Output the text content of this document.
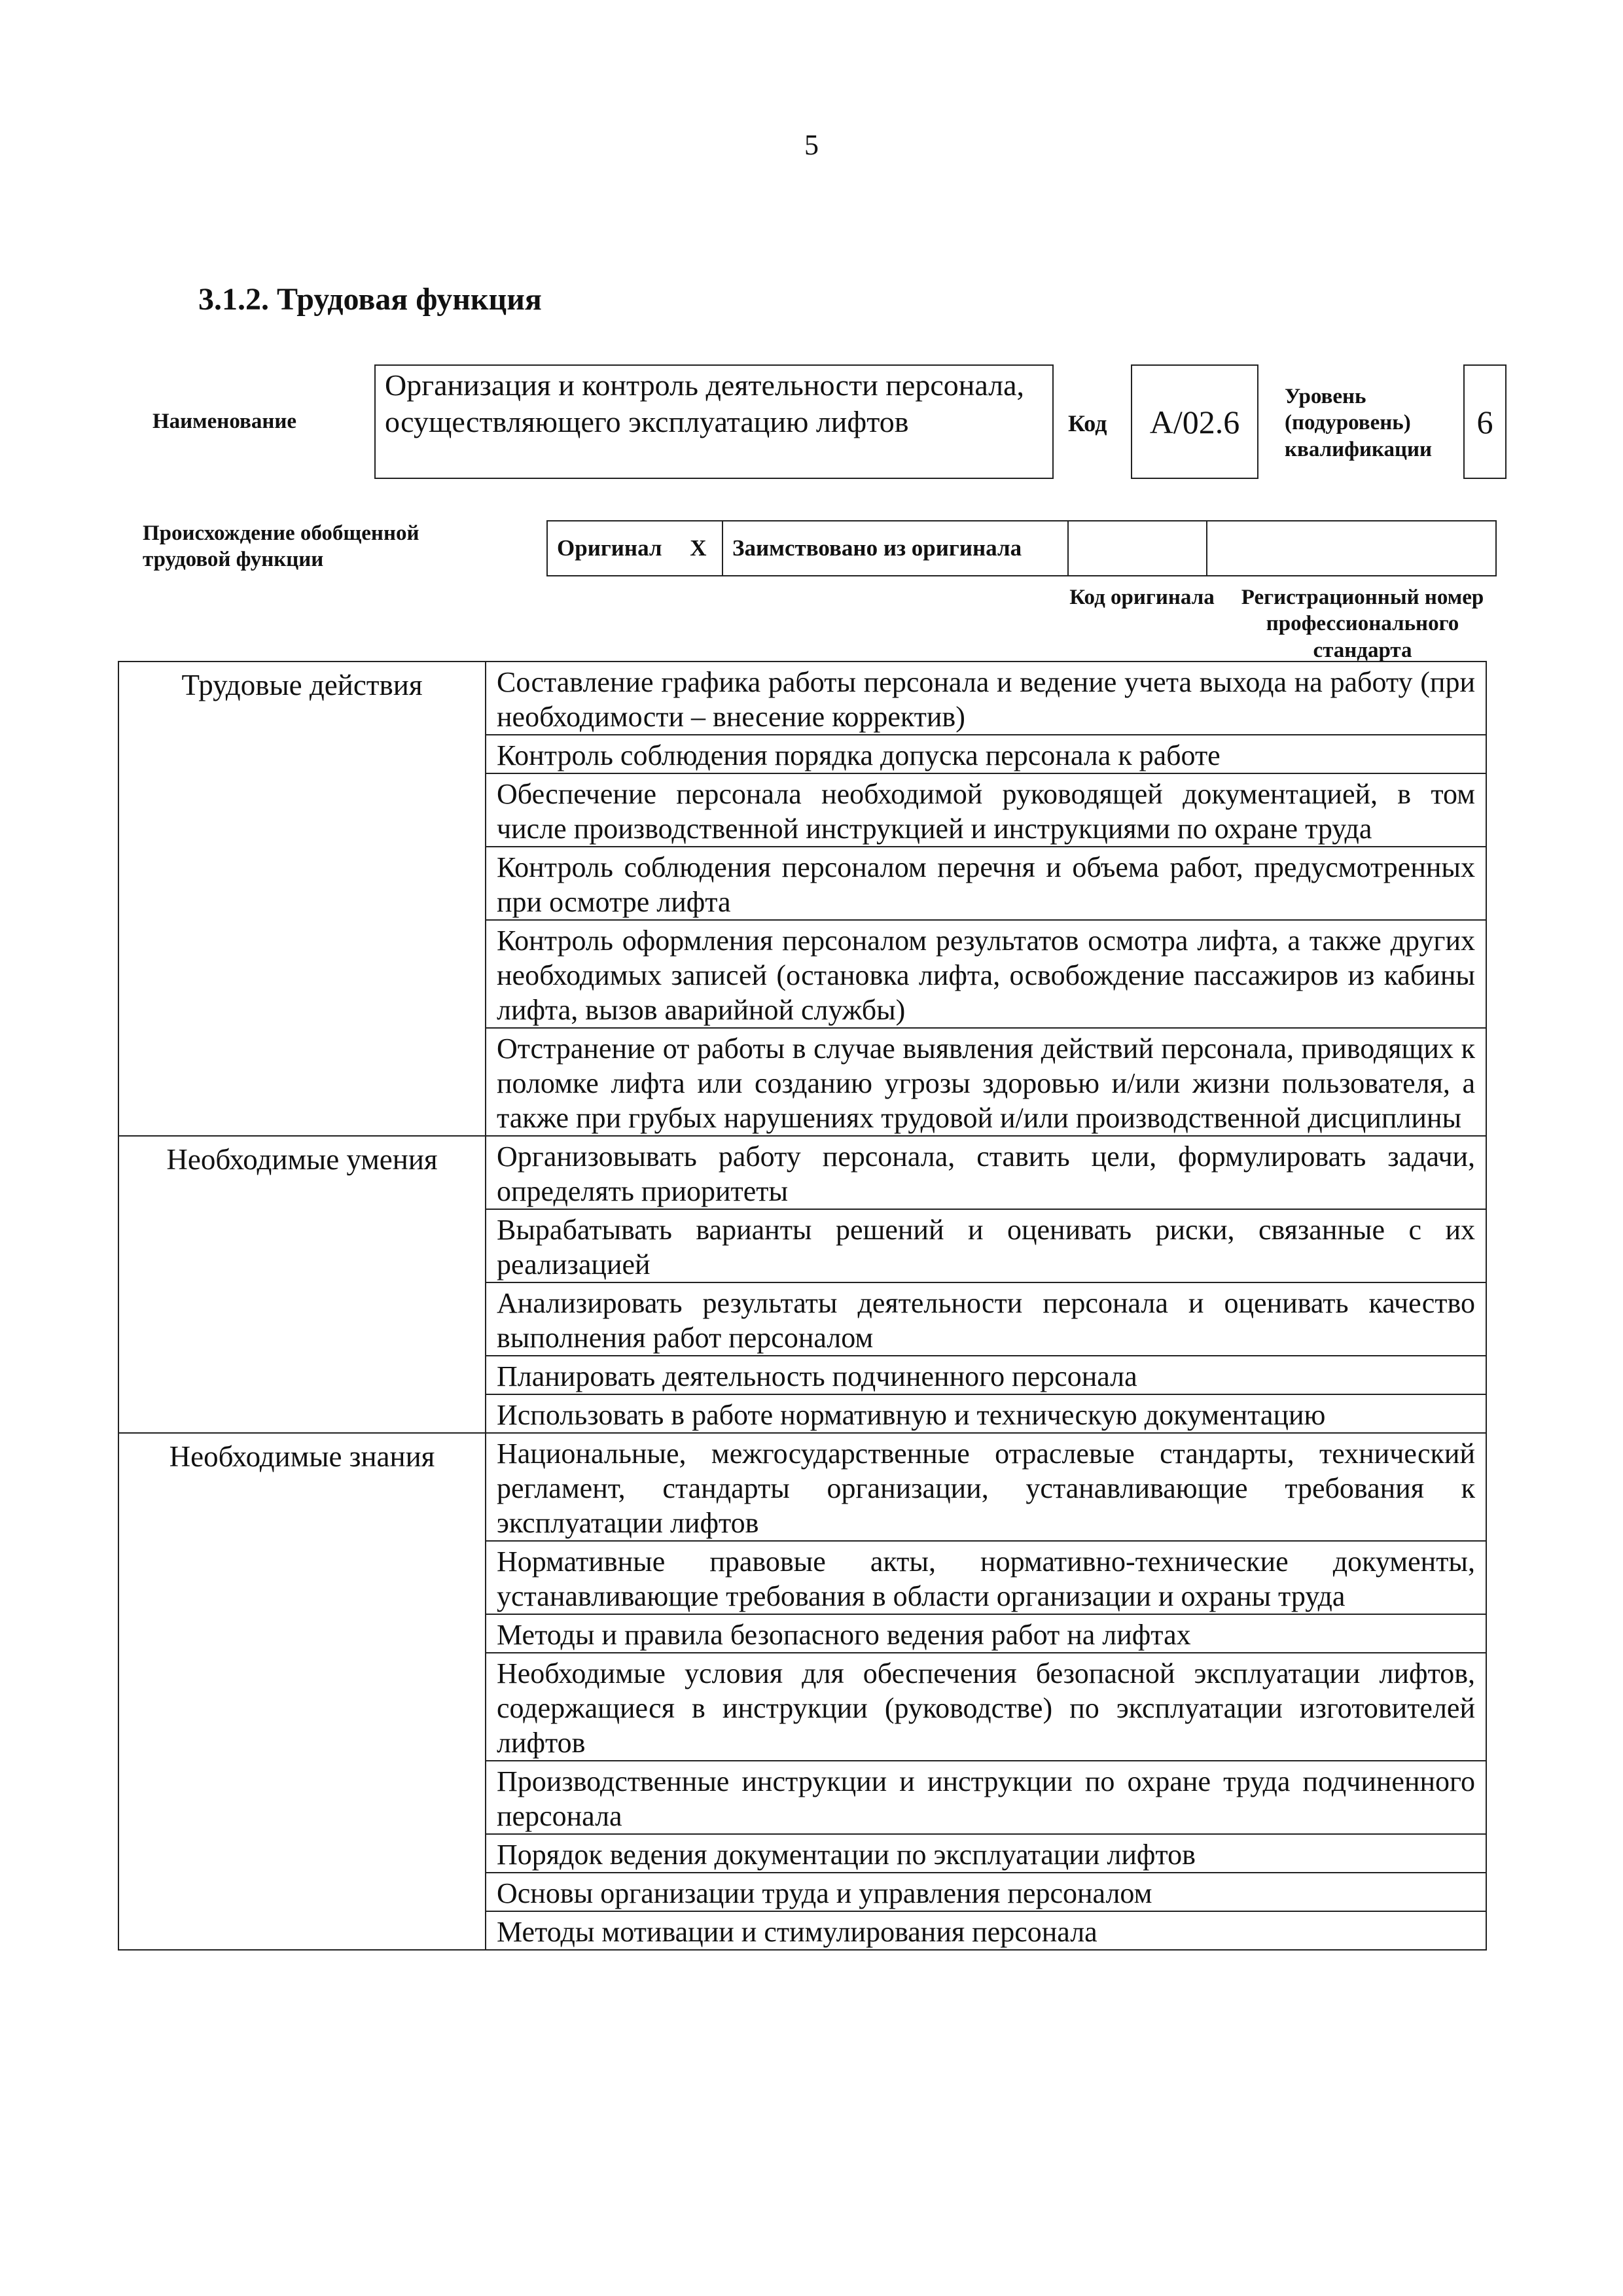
5
3.1.2. Трудовая функция
Наименование
Организация и контроль деятельности персонала, осуществляющего эксплуатацию лифтов	Код	А/02.6
Уровень (подуровень) квалификации
6
Происхождение обобщенной трудовой функции	Оригинал X	Заимствовано из оригинала		
Код оригинала	Регистрационный номер профессионального стандарта
Трудовые действия	Составление графика работы персонала и ведение учета выхода на работу (при необходимости – внесение корректив)
	Контроль соблюдения порядка допуска персонала к работе
	Обеспечение персонала необходимой руководящей документацией, в том числе производственной инструкцией и инструкциями по охране труда
	Контроль соблюдения персоналом перечня и объема работ, предусмотренных при осмотре лифта
	Контроль оформления персоналом результатов осмотра лифта, а также других необходимых записей (остановка лифта, освобождение пассажиров из кабины лифта, вызов аварийной службы)
	Отстранение от работы в случае выявления действий персонала, приводящих к поломке лифта или созданию угрозы здоровью и/или жизни пользователя, а также при грубых нарушениях трудовой и/или производственной дисциплины
Необходимые умения	Организовывать работу персонала, ставить цели, формулировать задачи, определять приоритеты
	Вырабатывать варианты решений и оценивать риски, связанные с их реализацией
	Анализировать результаты деятельности персонала и оценивать качество выполнения работ персоналом
	Планировать деятельность подчиненного персонала
	Использовать в работе нормативную и техническую документацию
Необходимые знания	Национальные, межгосударственные отраслевые стандарты, технический регламент, стандарты организации, устанавливающие требования к эксплуатации лифтов
	Нормативные правовые акты, нормативно-технические документы, устанавливающие требования в области организации и охраны труда
	Методы и правила безопасного ведения работ на лифтах
	Необходимые условия для обеспечения безопасной эксплуатации лифтов, содержащиеся в инструкции (руководстве) по эксплуатации изготовителей лифтов
	Производственные инструкции и инструкции по охране труда подчиненного персонала
	Порядок ведения документации по эксплуатации лифтов
	Основы организации труда и управления персоналом
	Методы мотивации и стимулирования персонала
